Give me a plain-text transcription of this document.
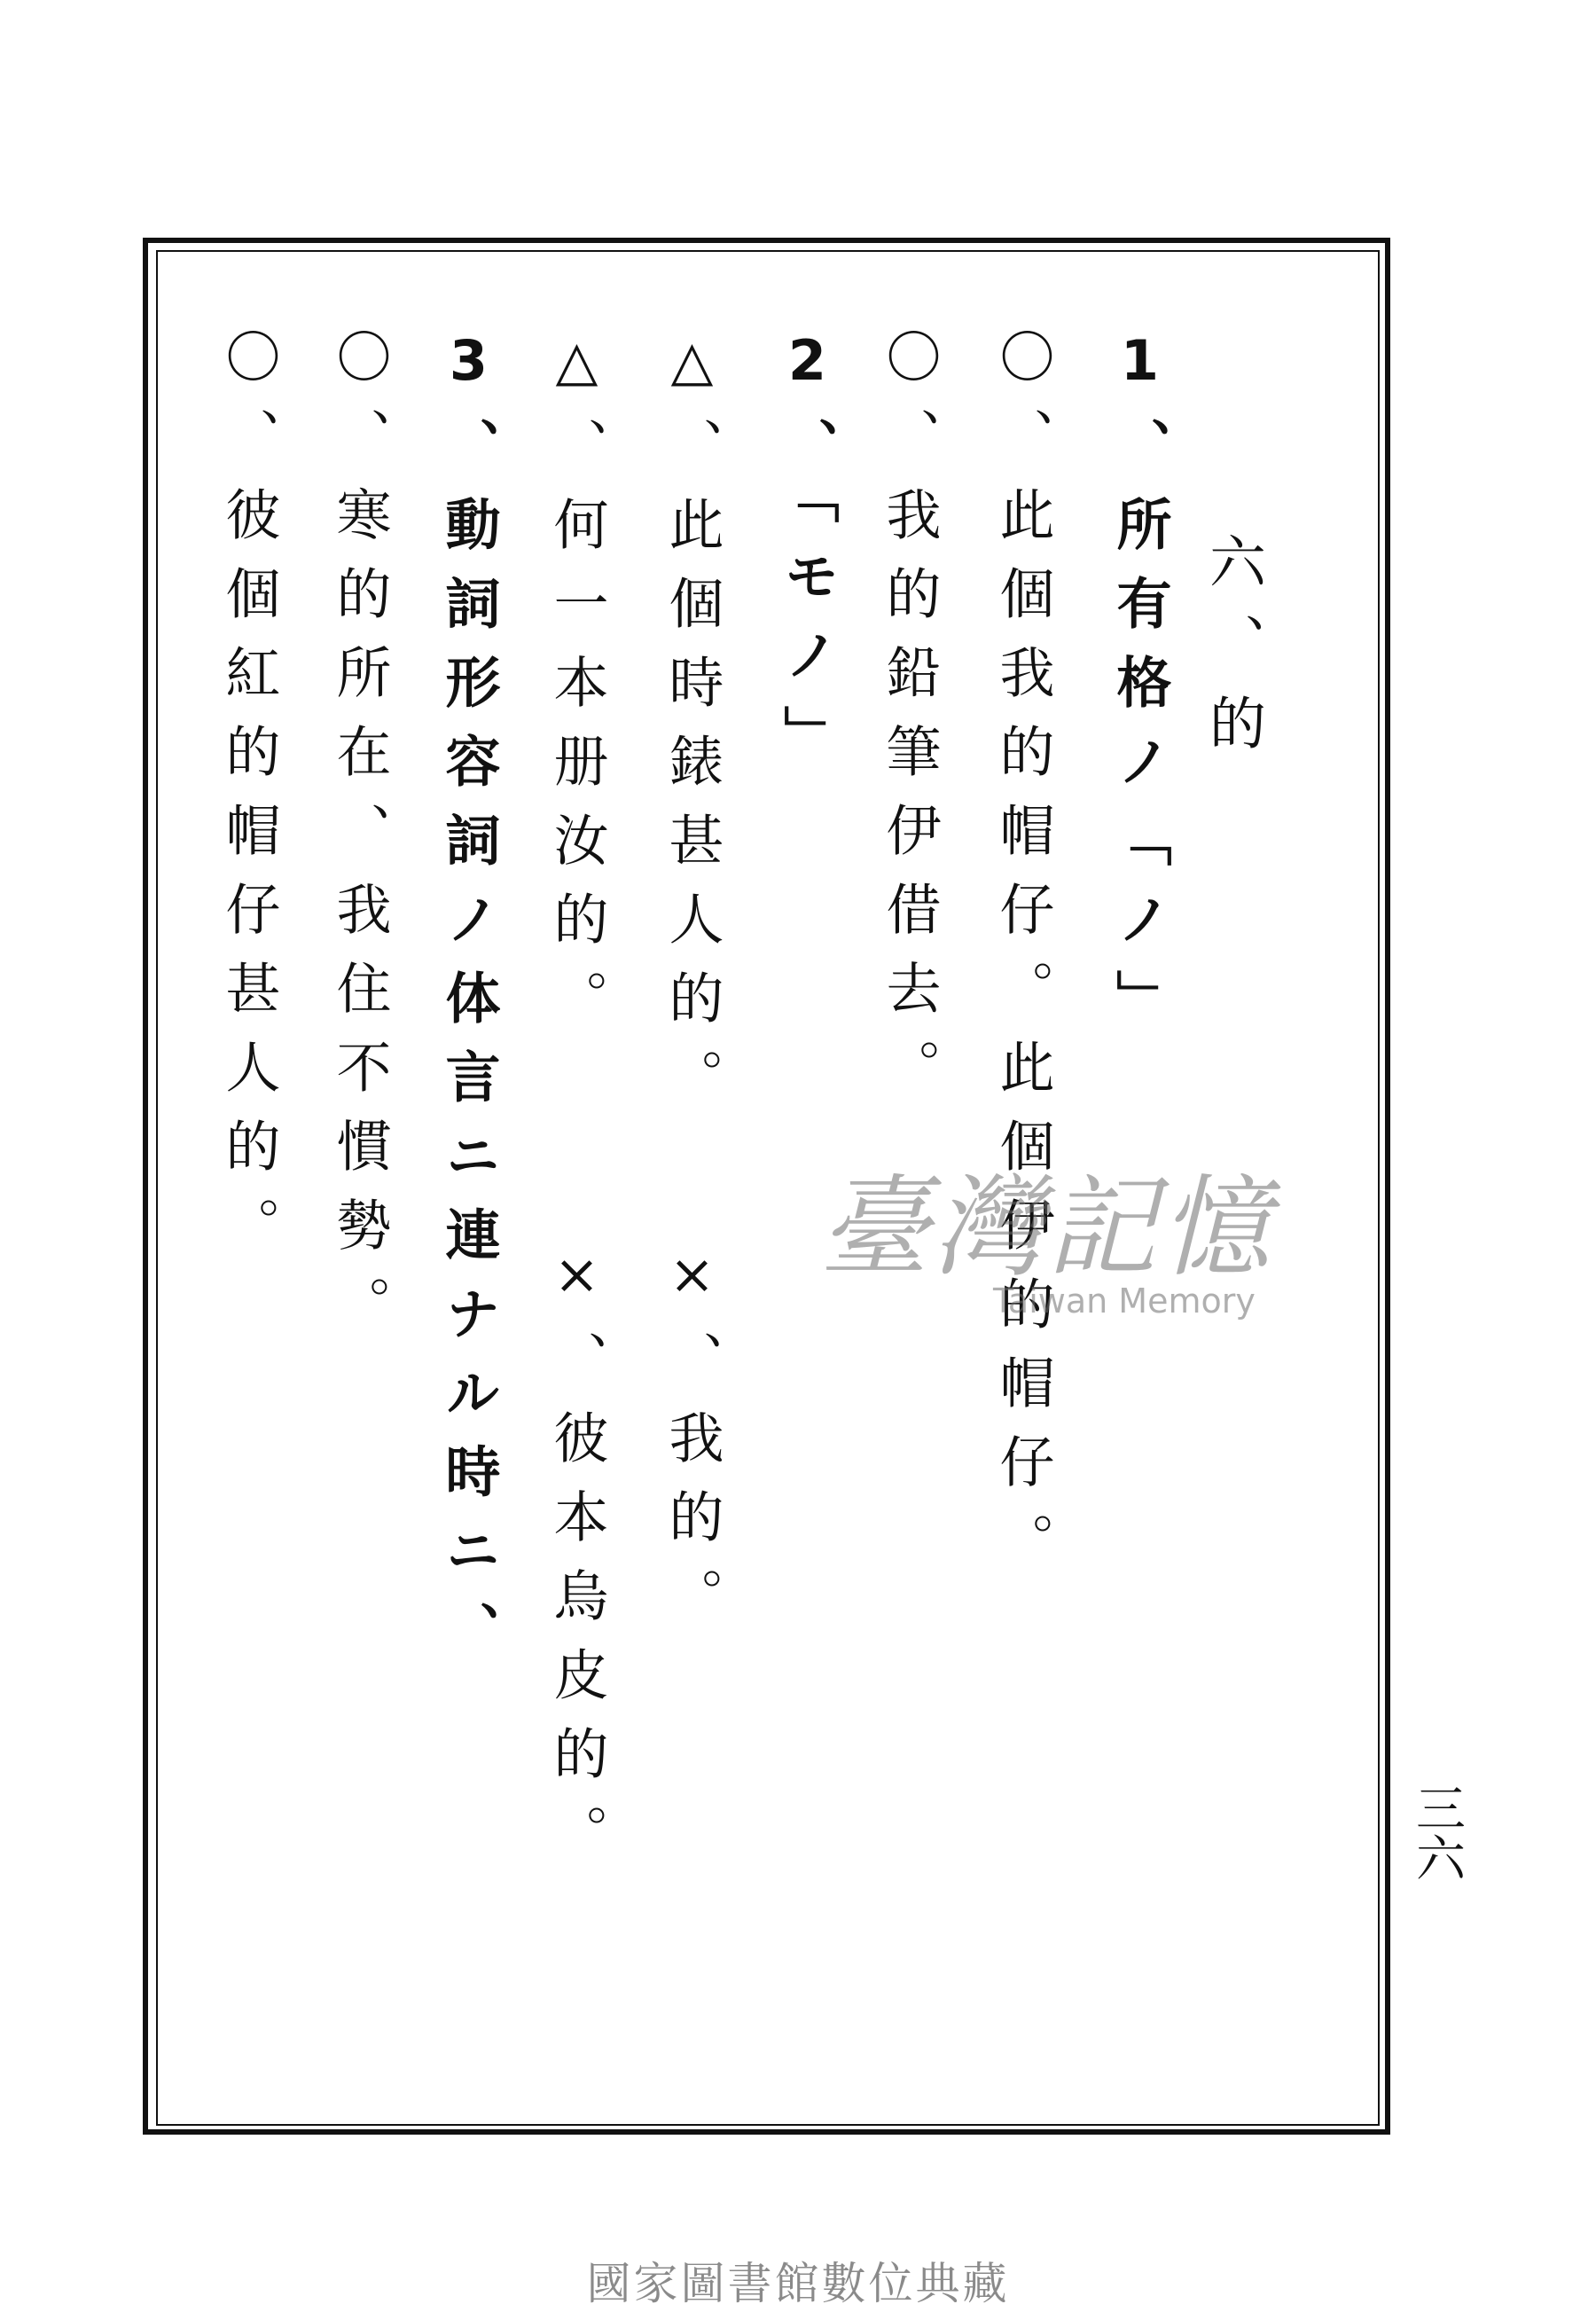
六、的
1、所有格ノ「ノ」
〇、此個我的帽仔。此個伊的帽仔。
〇、我的鉛筆伊借去。
2、「モノ」
△、此個時錶甚人的。
×、我的。
△、何一本册汝的。
×、彼本烏皮的。
3、動詞形容詞ノ体言ニ連ナル時ニ、
〇、寒的所在、我住不慣勢。
〇、彼個紅的帽仔甚人的。
三六
臺灣記憶
Taiwan Memory
國家圖書館數位典藏
